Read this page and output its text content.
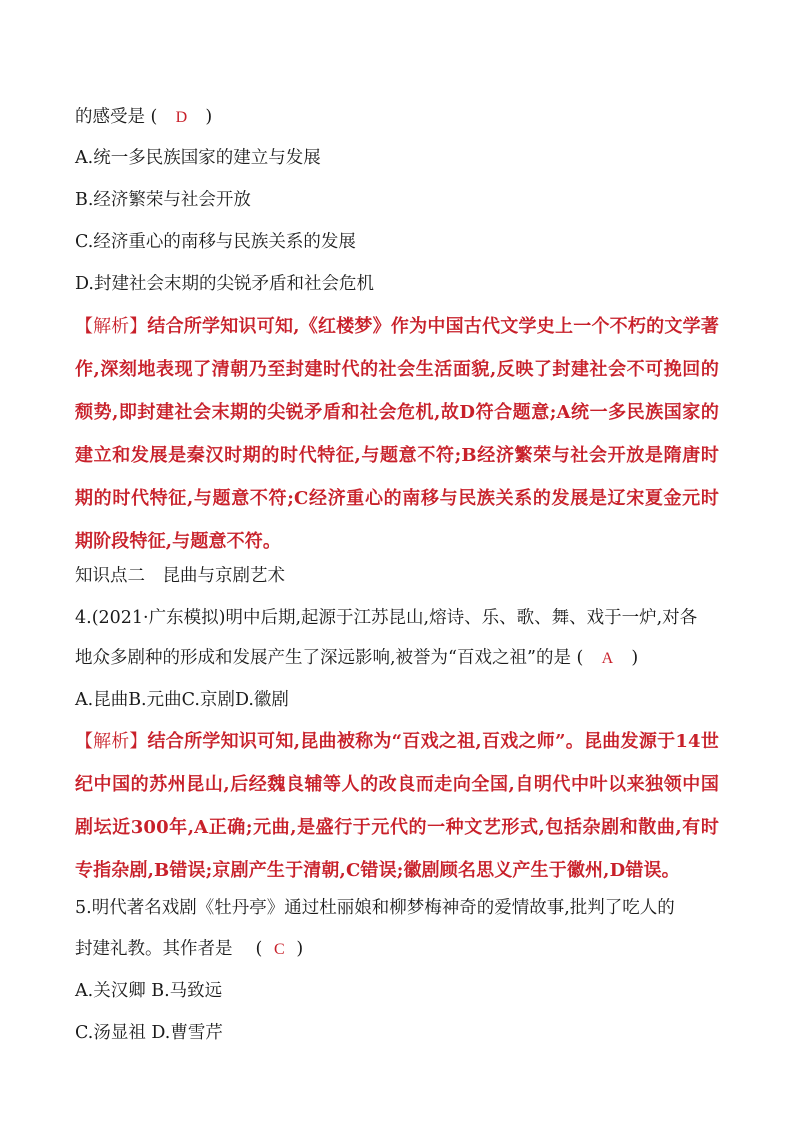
的感受是 ( D )
A.统一多民族国家的建立与发展
B.经济繁荣与社会开放
C.经济重心的南移与民族关系的发展
D.封建社会末期的尖锐矛盾和社会危机
【解析】结合所学知识可知,《红楼梦》作为中国古代文学史上一个不朽的文学著作,深刻地表现了清朝乃至封建时代的社会生活面貌,反映了封建社会不可挽回的颓势,即封建社会末期的尖锐矛盾和社会危机,故D符合题意;A统一多民族国家的建立和发展是秦汉时期的时代特征,与题意不符;B经济繁荣与社会开放是隋唐时期的时代特征,与题意不符;C经济重心的南移与民族关系的发展是辽宋夏金元时期阶段特征,与题意不符。
知识点二　昆曲与京剧艺术
4.(2021·广东模拟)明中后期,起源于江苏昆山,熔诗、乐、歌、舞、戏于一炉,对各
地众多剧种的形成和发展产生了深远影响,被誉为“百戏之祖”的是 ( A )
A.昆曲B.元曲C.京剧D.徽剧
【解析】结合所学知识可知,昆曲被称为“百戏之祖,百戏之师”。昆曲发源于14世纪中国的苏州昆山,后经魏良辅等人的改良而走向全国,自明代中叶以来独领中国剧坛近300年,A正确;元曲,是盛行于元代的一种文艺形式,包括杂剧和散曲,有时专指杂剧,B错误;京剧产生于清朝,C错误;徽剧顾名思义产生于徽州,D错误。
5.明代著名戏剧《牡丹亭》通过杜丽娘和柳梦梅神奇的爱情故事,批判了吃人的
封建礼教。其作者是　 ( C )
A.关汉卿 B.马致远
C.汤显祖 D.曹雪芹
